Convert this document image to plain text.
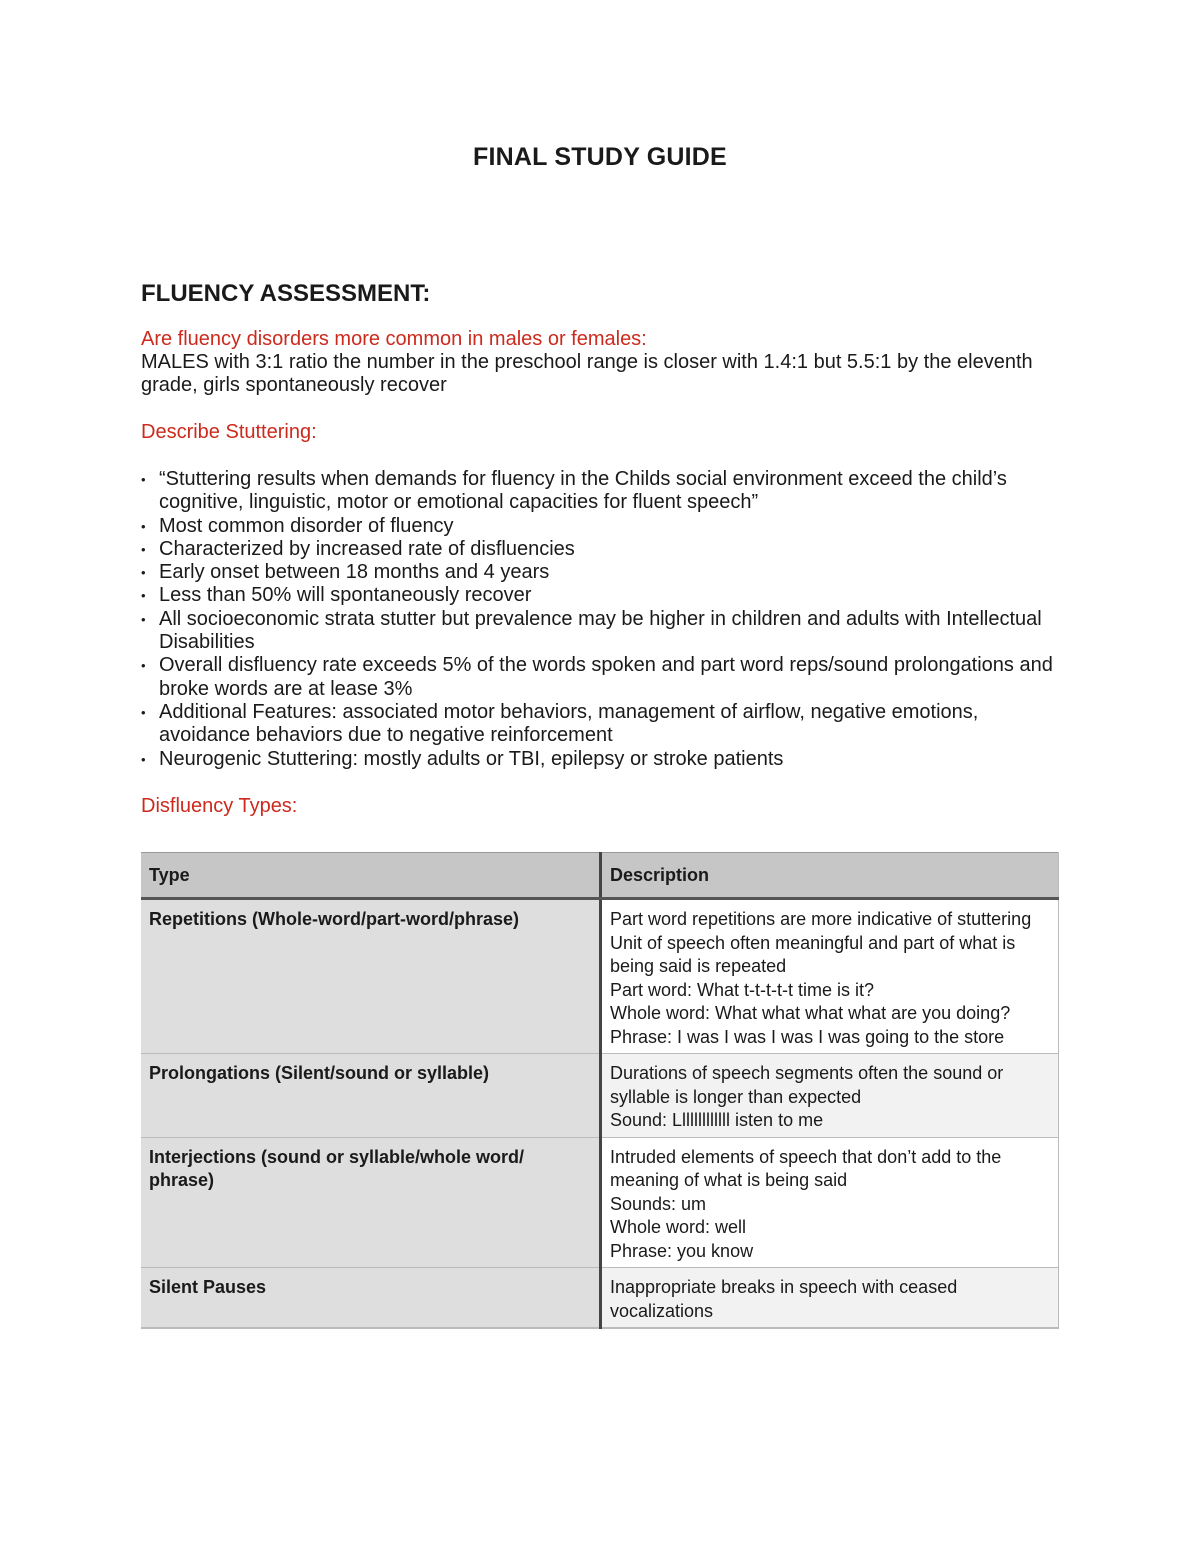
FINAL STUDY GUIDE
FLUENCY ASSESSMENT:

Are fluency disorders more common in males or females:

MALES with 3:1 ratio the number in the preschool range is closer with 1.4:1 but 5.5:1 by the eleventh grade, girls spontaneously recover

Describe Stuttering:

• “Stuttering results when demands for fluency in the Childs social environment exceed the child’s cognitive, linguistic, motor or emotional capacities for fluent speech”
• Most common disorder of fluency
• Characterized by increased rate of disfluencies
• Early onset between 18 months and 4 years
• Less than 50% will spontaneously recover
• All socioeconomic strata stutter but prevalence may be higher in children and adults with Intellectual Disabilities
• Overall disfluency rate exceeds 5% of the words spoken and part word reps/sound prolongations and broke words are at lease 3%
• Additional Features: associated motor behaviors, management of airflow, negative emotions, avoidance behaviors due to negative reinforcement
• Neurogenic Stuttering: mostly adults or TBI, epilepsy or stroke patients

Disfluency Types:

Type	Description
Repetitions (Whole-word/part-word/phrase)	Part word repetitions are more indicative of stuttering
Unit of speech often meaningful and part of what is being said is repeated
Part word: What t-t-t-t-t time is it?
Whole word: What what what what are you doing?
Phrase: I was I was I was I was going to the store

Prolongations (Silent/sound or syllable)	Durations of speech segments often the sound or syllable is longer than expected
Sound: Lllllllllllll isten to me

Interjections (sound or syllable/whole word/ phrase)	Intruded elements of speech that don’t add to the meaning of what is being said
Sounds: um
Whole word: well
Phrase: you know

Silent Pauses	Inappropriate breaks in speech with ceased vocalizations
